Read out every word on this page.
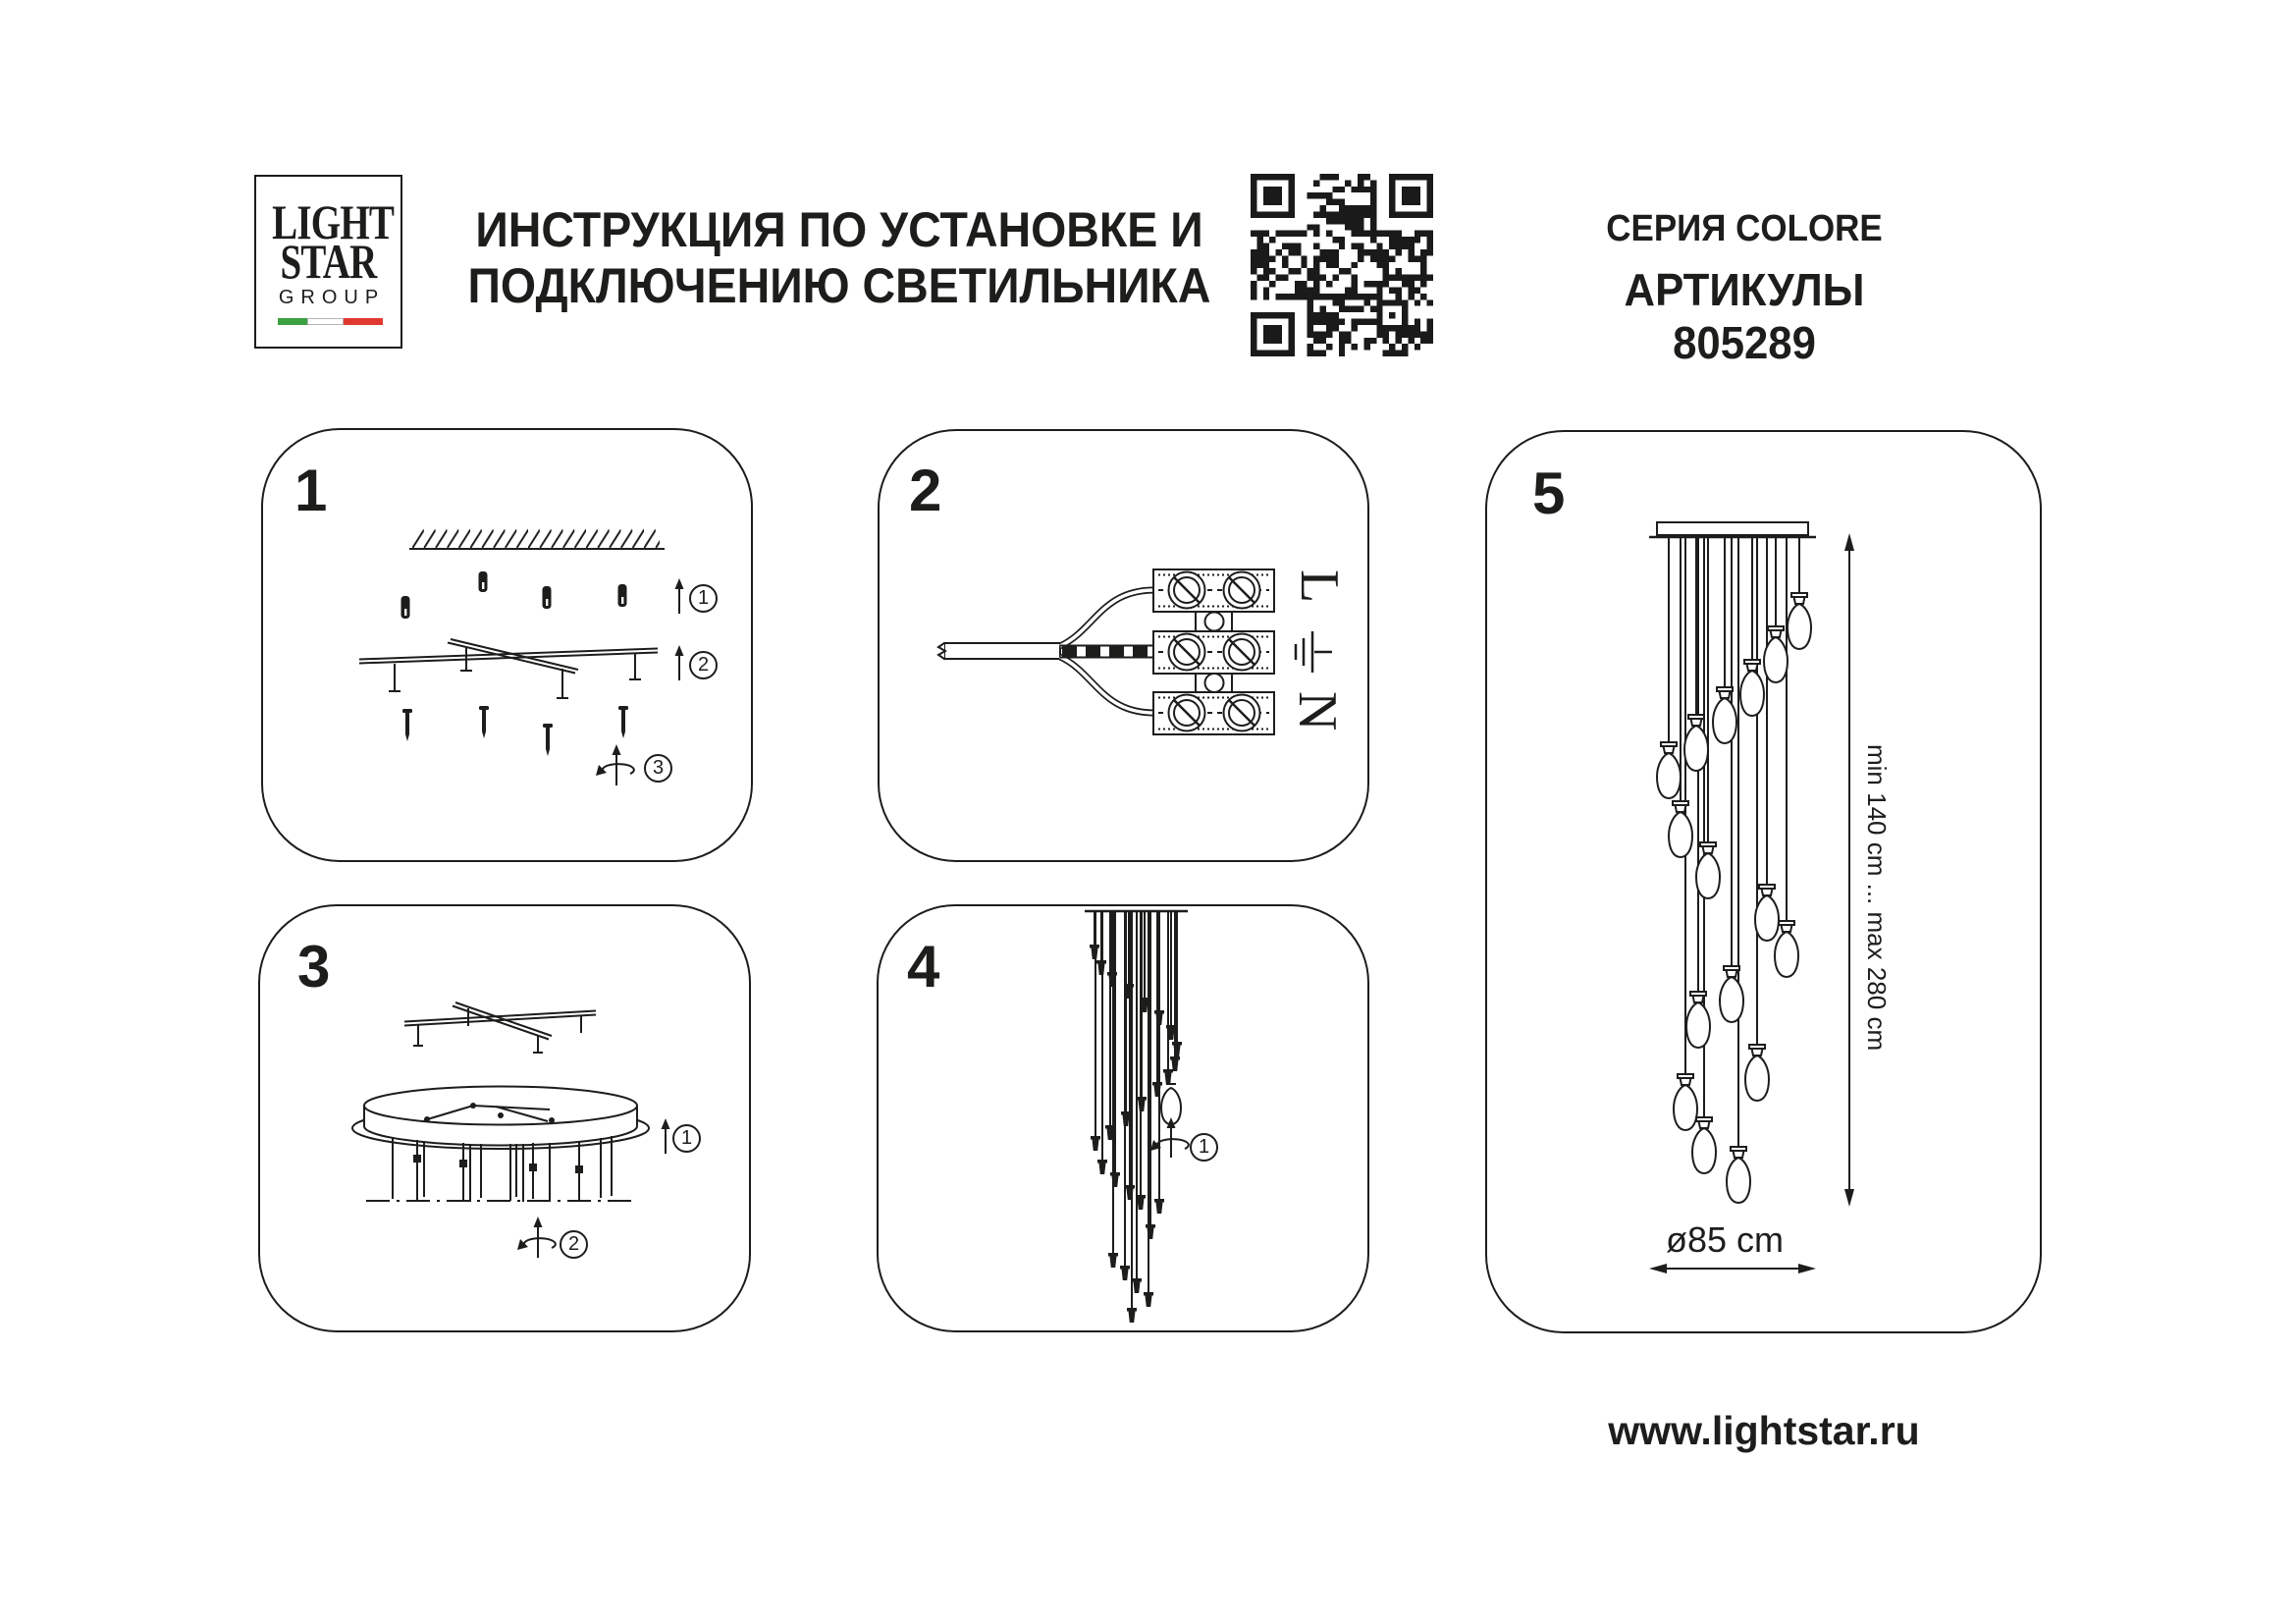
LIGHT
STAR
GROUP
ИНСТРУКЦИЯ ПО УСТАНОВКЕ И
ПОДКЛЮЧЕНИЮ СВЕТИЛЬНИКА
СЕРИЯ COLORE
АРТИКУЛЫ 805289
1	2
3	4
5
1
2
3
1
2
1
L
N
min 140 cm ... max 280 cm
ø85 cm
www.lightstar.ru
